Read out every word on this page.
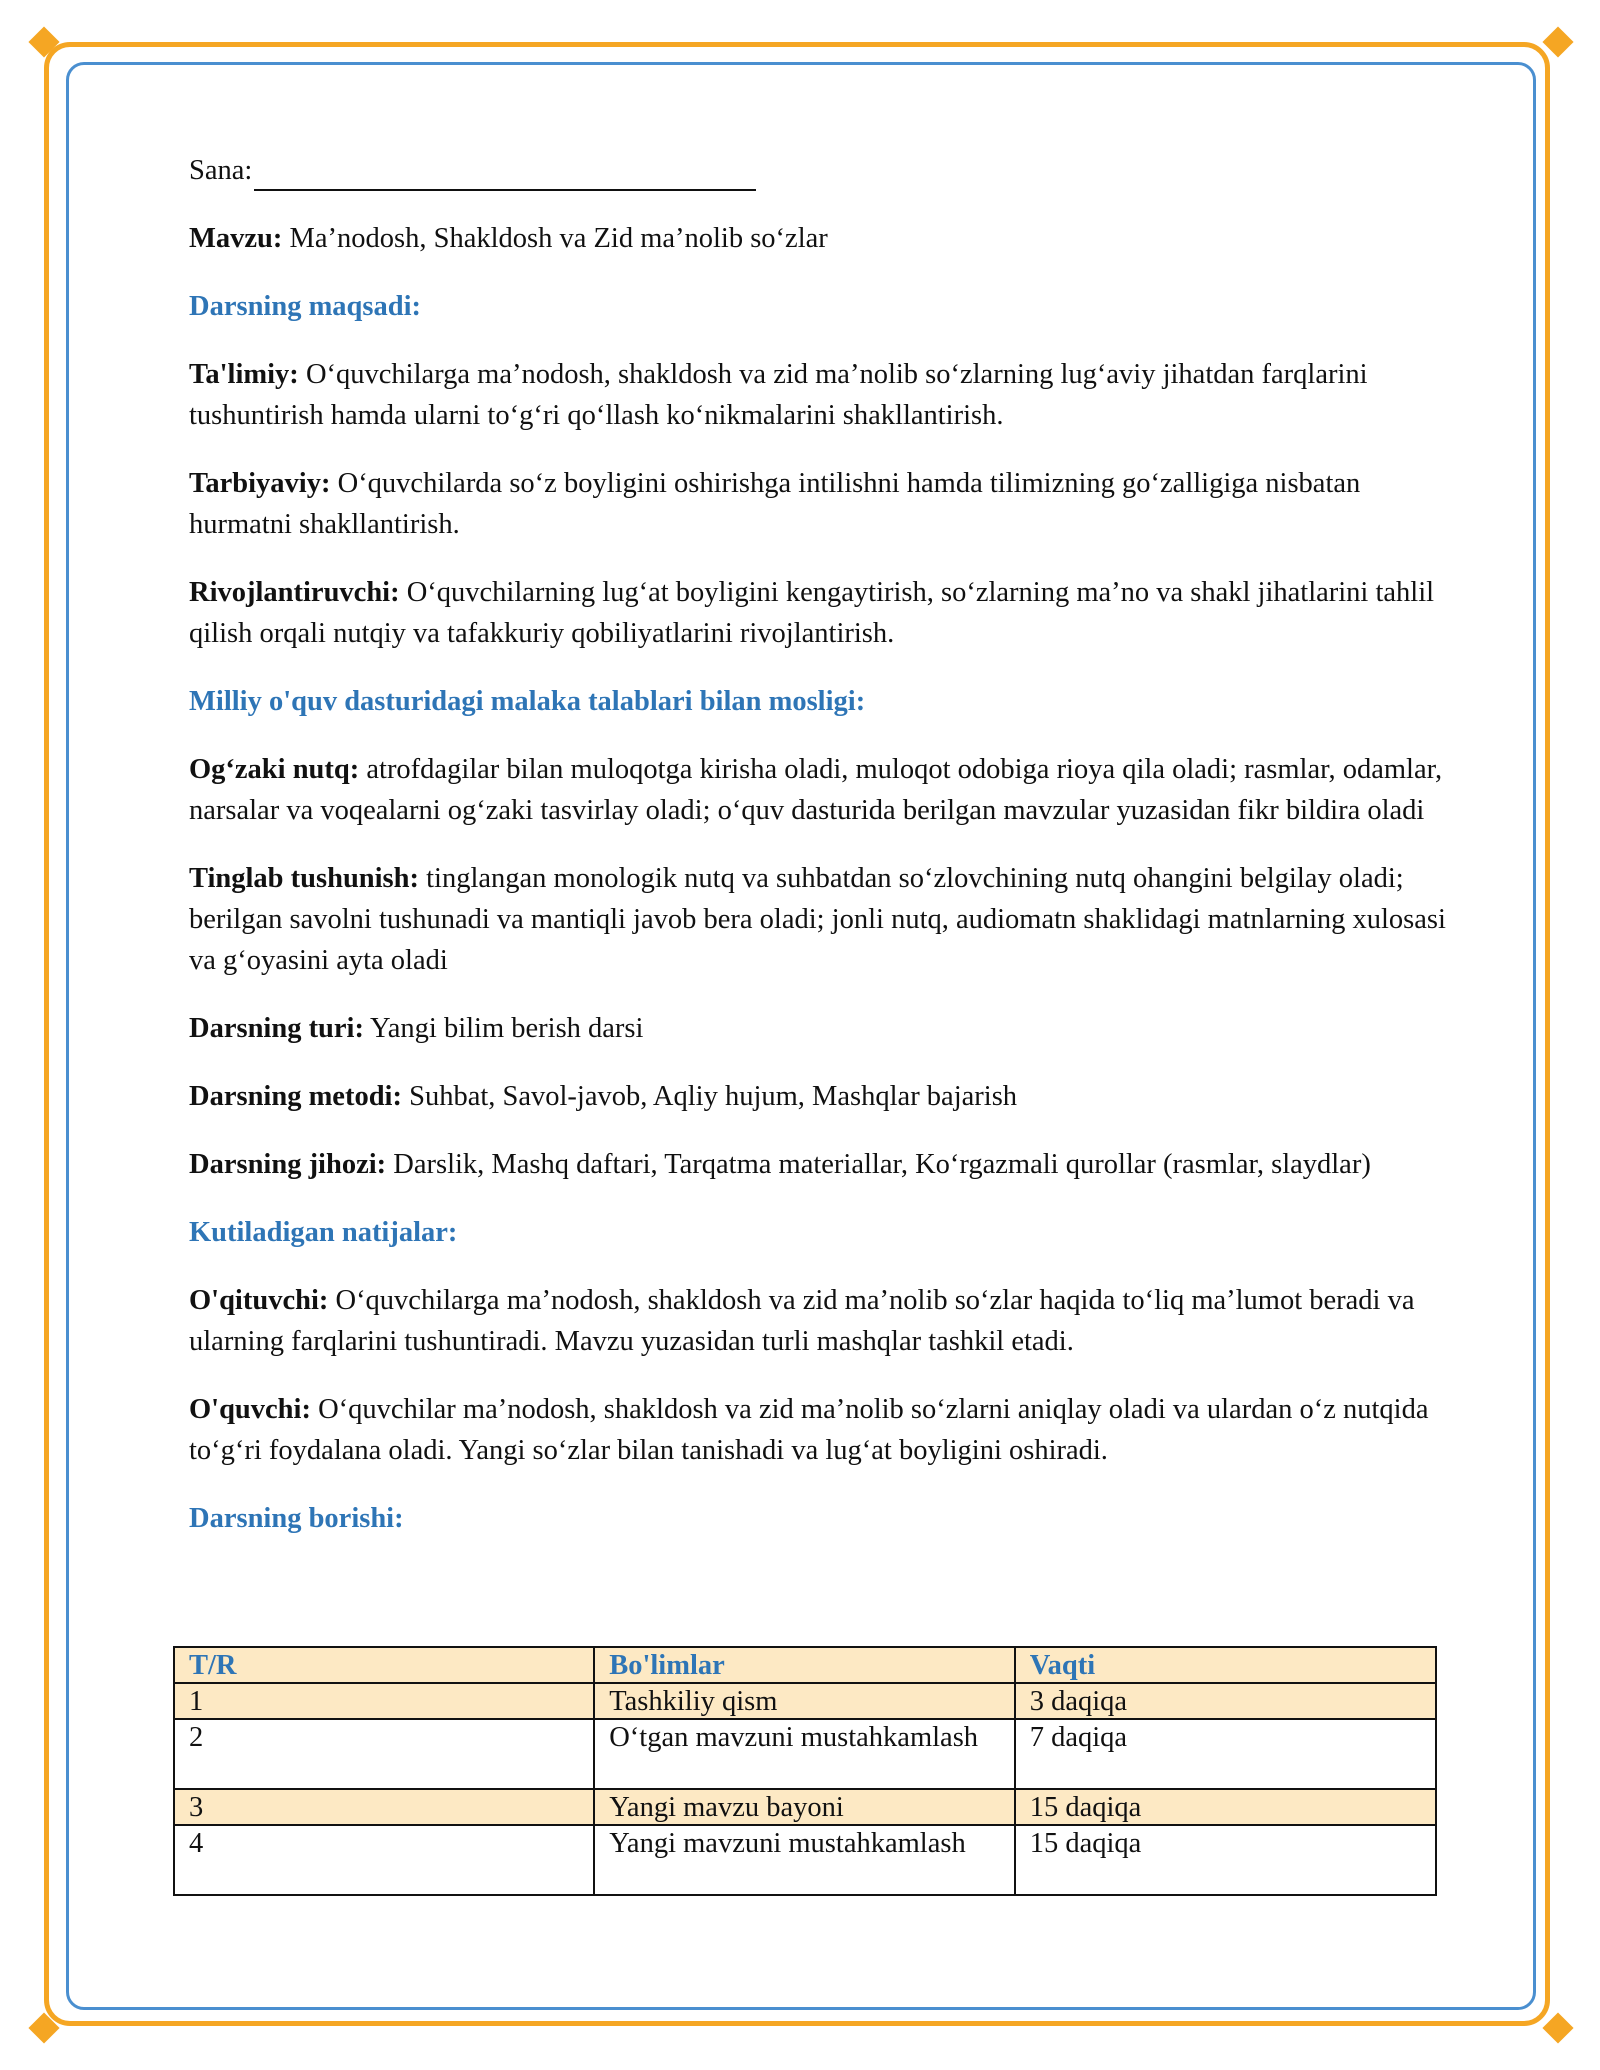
Sana:

Mavzu: Ma’nodosh, Shakldosh va Zid ma’nolib so‘zlar

Darsning maqsadi:

Ta'limiy: O‘quvchilarga ma’nodosh, shakldosh va zid ma’nolib so‘zlarning lug‘aviy jihatdan farqlarini tushuntirish hamda ularni to‘g‘ri qo‘llash ko‘nikmalarini shakllantirish.

Tarbiyaviy: O‘quvchilarda so‘z boyligini oshirishga intilishni hamda tilimizning go‘zalligiga nisbatan hurmatni shakllantirish.

Rivojlantiruvchi: O‘quvchilarning lug‘at boyligini kengaytirish, so‘zlarning ma’no va shakl jihatlarini tahlil qilish orqali nutqiy va tafakkuriy qobiliyatlarini rivojlantirish.

Milliy o'quv dasturidagi malaka talablari bilan mosligi:

Og‘zaki nutq: atrofdagilar bilan muloqotga kirisha oladi, muloqot odobiga rioya qila oladi; rasmlar, odamlar, narsalar va voqealarni og‘zaki tasvirlay oladi; o‘quv dasturida berilgan mavzular yuzasidan fikr bildira oladi

Tinglab tushunish: tinglangan monologik nutq va suhbatdan so‘zlovchining nutq ohangini belgilay oladi; berilgan savolni tushunadi va mantiqli javob bera oladi; jonli nutq, audiomatn shaklidagi matnlarning xulosasi va g‘oyasini ayta oladi

Darsning turi: Yangi bilim berish darsi

Darsning metodi: Suhbat, Savol-javob, Aqliy hujum, Mashqlar bajarish

Darsning jihozi: Darslik, Mashq daftari, Tarqatma materiallar, Ko‘rgazmali qurollar (rasmlar, slaydlar)

Kutiladigan natijalar:

O'qituvchi: O‘quvchilarga ma’nodosh, shakldosh va zid ma’nolib so‘zlar haqida to‘liq ma’lumot beradi va ularning farqlarini tushuntiradi. Mavzu yuzasidan turli mashqlar tashkil etadi.

O'quvchi: O‘quvchilar ma’nodosh, shakldosh va zid ma’nolib so‘zlarni aniqlay oladi va ulardan o‘z nutqida to‘g‘ri foydalana oladi. Yangi so‘zlar bilan tanishadi va lug‘at boyligini oshiradi.

Darsning borishi:

T/R	Bo'limlar	Vaqti
1	Tashkiliy qism	3 daqiqa
2	O‘tgan mavzuni mustahkamlash	7 daqiqa
3	Yangi mavzu bayoni	15 daqiqa
4	Yangi mavzuni mustahkamlash	15 daqiqa
